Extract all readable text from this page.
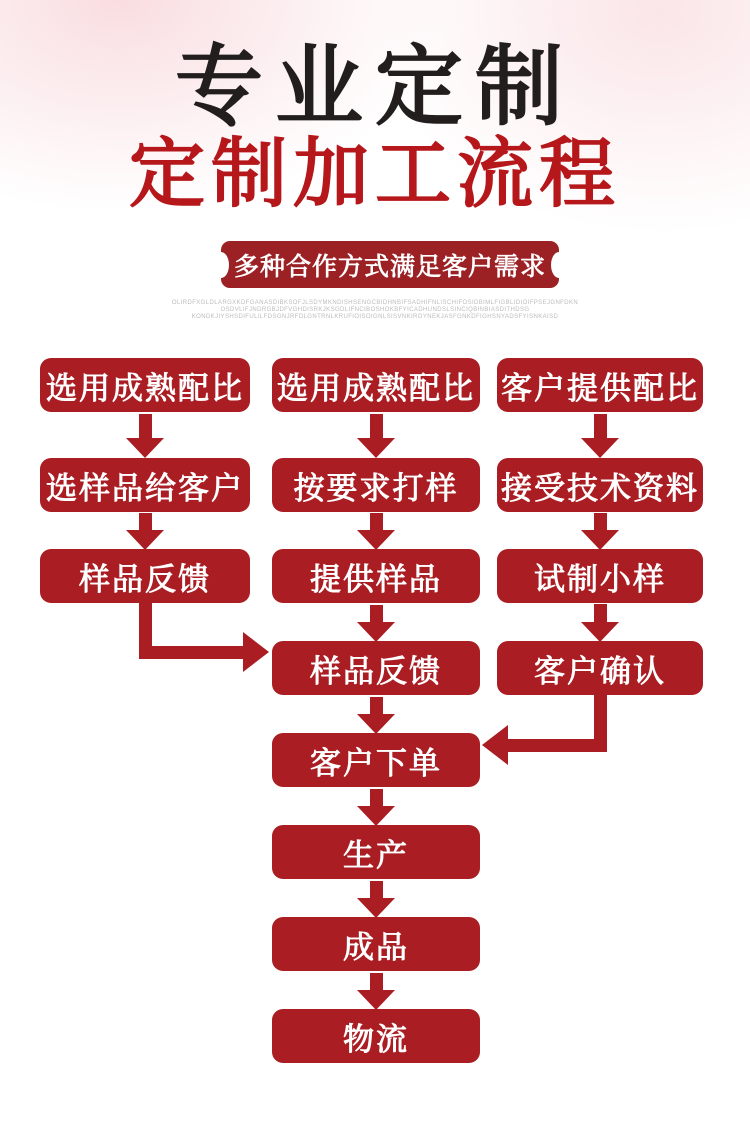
专业定制
定制加工流程
多种合作方式满足客户需求
OLIRDFXGLDLARGXKDFGANASDIBKSOFJLSDYMKNDISHSENGCBIDHNBIFSADHIFNLISCHIFOSIDBIMLFIGBLIDIOIFPSEJGNFDKN
OSDVLIFJNDRGBJDFVGHDISRKJKSGDLIFNCIBOSHOKBFYICADHUNDSLSINCIQBINBIASDITHDSG
KONDKJIYSHSDIFULILFDSGNJRFDLGNTRNLKRUFIOISOIGNLSISVNKIROYNEKJASFGNKDFIGHSNYADSFYISNKAISD
选用成熟配比
选样品给客户
样品反馈
选用成熟配比
按要求打样
提供样品
样品反馈
客户下单
生产
成品
物流
客户提供配比
接受技术资料
试制小样
客户确认
